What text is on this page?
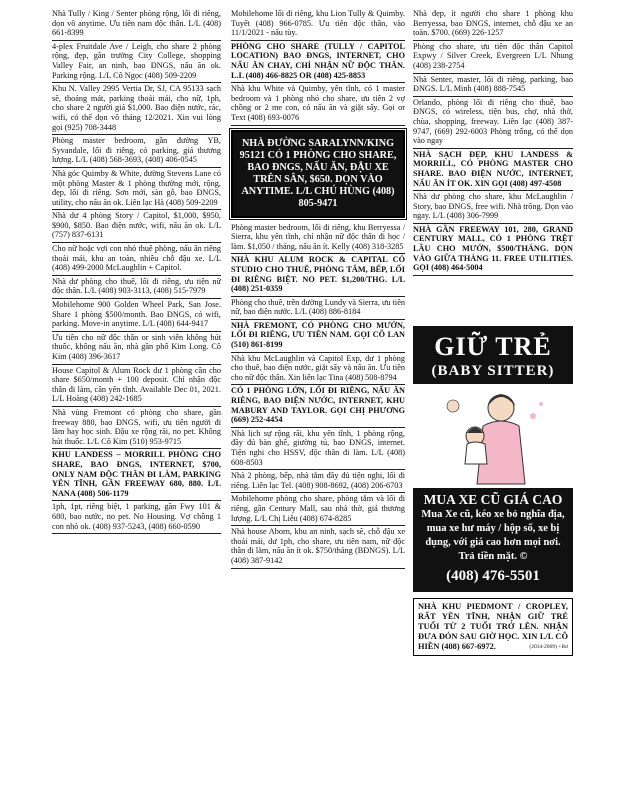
Nhà Tully / King / Senter phòng rộng, lối đi riêng, dọn vô anytime. Ưu tiên nam độc thân. L/L (408) 661-8399
4-plex Fruitdale Ave / Leigh, cho share 2 phòng rộng, đẹp, gần trường City College, shopping Valley Fair, an ninh, bao ĐNGS, nấu ăn ok. Parking rộng. L/L Cô Ngọc (408) 509-2209
Khu N. Valley 2995 Vertia Dr, SJ, CA 95133 sạch sẽ, thoáng mát, parking thoải mái, cho nữ, 1ph, cho share 2 người giá $1,000. Bao điện nước, rác, wifi, có thể dọn vô tháng 12/2021. Xin vui lòng gọi (925) 708-3448
Phòng master bedroom, gần đường YB, Syvandale, lối đi riêng, có parking, giá thương lượng. L/L (408) 568-3693, (408) 406-0545
Nhà góc Quimby & White, đường Stevens Lane có một phòng Master & 1 phòng thường mới, rộng, đẹp, lối đi riêng. Sơn mới, sàn gỗ, bao ĐNGS, utility, cho nấu ăn ok. Liên lạc Hà (408) 509-2209
Nhà dư 4 phòng Story / Capitol, $1,000, $950, $900, $850. Bao điện nước, wifi, nấu ăn ok. L/L (757) 837-6131
Cho nữ hoặc vợi con nhỏ thuê phòng, nấu ăn riêng thoải mái, khu an toàn, nhiều chỗ đậu xe. L/L (408) 499-2000 McLaughlin + Capitol.
Nhà dư phòng cho thuê, lối đi riêng, ưu tiên nữ độc thân. L/L (408) 903-3113, (408) 515-7979
Mobilehome 900 Golden Wheel Park, San Jose. Share 1 phòng $500/month. Bao ĐNGS, có wifi, parking. Move-in anytime. L/L (408) 644-9417
Ưu tiên cho nữ độc thân or sinh viên không hút thuốc, không nấu ăn, nhà gần phố Kim Long. Cô Kim (408) 396-3617
House Capitol & Alum Rock dư 1 phòng cần cho share $650/month + 100 deposit. Chỉ nhận độc thân đi làm, cần yên tĩnh. Available Dec 01, 2021. L/L Hoàng (408) 242-1685
Nhà vùng Fremont có phòng cho share, gần freeway 880, bao ĐNGS, wifi, ưu tiên người đi làm hay học sinh. Đậu xe rộng rãi, no pet. Không hút thuốc. L/L Cô Kim (510) 953-9715
KHU LANDESS – MORRILL PHÒNG CHO SHARE, BAO ĐNGS, INTERNET, $700, ONLY NAM ĐỘC THÂN ĐI LÀM, PARKING YÊN TĨNH, GẦN FREEWAY 680, 880. L/L NANA (408) 506-1179
1ph, 1pt, riêng biệt, 1 parking, gần Fwy 101 & 680, bao nước, no pet. No Housing. Vợ chồng 1 con nhỏ ok. (408) 937-5243, (408) 660-0590
Mobilehome lối đi riêng, khu Lion Tully & Quimby. Tuyết (408) 966-0785. Ưu tiên độc thân, vào 11/1/2021 - nấu tùy.
PHÒNG CHO SHARE (TULLY / CAPITOL LOCATION) BAO ĐNGS, INTERNET, CHO NẤU ĂN CHAY, CHỈ NHẬN NỮ ĐỘC THÂN. L.L (408) 466-8825 OR (408) 425-8853
Nhà khu White và Quimby, yên tĩnh, có 1 master bedroom và 1 phòng nhỏ cho share, ưu tiên 2 vợ chồng or 2 me con, có nấu ăn và giặt sấy. Gọi or Text (408) 693-0076
NHÀ ĐƯỜNG SARALYNN/KING 95121 CÓ 1 PHÒNG CHO SHARE, BAO ĐNGS, NẤU ĂN, ĐẬU XE TRÊN SÂN, $650. DỌN VÀO ANYTIME. L/L CHÚ HÙNG (408) 805-9471
Phòng master bedroom, lối đi riêng, khu Berryessa / Sierra, khu yên tĩnh, chỉ nhận nữ độc thân đi học / làm. $1,050 / tháng, nấu ăn ít. Kelly (408) 318-3285
NHÀ KHU ALUM ROCK & CAPITAL CÓ STUDIO CHO THUÊ, PHÒNG TẮM, BẾP, LỐI ĐI RIÊNG BIỆT. NO PET. $1,200/THG. L/L (408) 251-0359
Phòng cho thuê, trên đường Lundy và Sierra, ưu tiên nữ, bao điện nước. L/L (408) 886-8184
NHÀ FREMONT, CÓ PHÒNG CHO MƯỚN, LỐI ĐI RIÊNG, ƯU TIÊN NAM. GỌI CÔ LAN (510) 861-8199
Nhà khu McLaughlin và Capitol Exp, dư 1 phòng cho thuê, bao điện nước, giặt sấy và nấu ăn. Ưu tiên cho nữ độc thân. Xin liên lạc Tina (408) 508-8794
CÓ 1 PHÒNG LỚN, LỐI ĐI RIÊNG, NẤU ĂN RIÊNG, BAO ĐIỆN NƯỚC, INTERNET, KHU MABURY AND TAYLOR. GỌI CHỊ PHƯƠNG (669) 252-4454
Nhà lịch sự rộng rãi, khu yên tĩnh, 1 phòng rộng, đầy đủ bàn ghế, giường tủ, bao ĐNGS, internet. Tiện nghi cho HSSV, độc thân đi làm. L/L (408) 608-8503
Nhà 2 phòng, bếp, nhà tắm đầy đủ tiện nghi, lối đi riêng. Liên lạc Tel. (408) 908-8692, (408) 206-6703
Mobilehome phòng cho share, phòng tắm và lối đi riêng, gần Century Mall, sau nhà thờ, giá thương lượng. L/L Chị Liễu (408) 674-8285
Nhà house Aborn, khu an ninh, sạch sẽ, chỗ đậu xe thoải mái, dư 1ph, cho share, ưu tiên nam, nữ độc thân đi làm, nấu ăn ít ok. $750/tháng (BĐNGS). L/L (408) 387-9142
Nhà đẹp, ít người cho share 1 phòng khu Berryessa, bao ĐNGS, internet, chỗ đậu xe an toàn. $700. (669) 226-1257
Phòng cho share, ưu tiên độc thân Capitol Expwy / Silver Creek, Evergreen L/L Nhung (408) 238-2754
Nhà Senter, master, lối đi riêng, parking, bao ĐNGS. L/L Minh (408) 888-7545
Orlando, phòng lối đi riêng cho thuê, bao ĐNGS, có wireless, tiện bus, chợ, nhà thờ, chùa, shopping, freeway. Liên lạc (408) 387-9747, (669) 292-6003 Phòng trống, có thể dọn vào ngay
NHÀ SẠCH ĐẸP, KHU LANDESS & MORRILL, CÓ PHÒNG MASTER CHO SHARE. BAO ĐIỆN NƯỚC, INTERNET, NẤU ĂN ÍT OK. XIN GỌI (408) 497-4508
Nhà dư phòng cho share, khu McLaughlin / Story, bao ĐNGS, free wifi. Nhà trống. Dọn vào ngay. L/L (408) 306-7999
NHÀ GẦN FREEWAY 101, 280, GRAND CENTURY MALL, CÓ 1 PHÒNG TRỆT LẦU CHO MƯỚN, $500/THÁNG. DỌN VÀO GIỮA THÁNG 11. FREE UTILITIES. GỌI (408) 464-5004
GIỮ TRẺ
(BABY SITTER)
MUA XE CŨ GIÁ CAO
Mua Xe cũ, kéo xe bỏ nghĩa địa, mua xe hư máy / hộp số, xe bị đụng, với giá cao hơn mọi nơi. Trả tiền mặt. ©
(408) 476-5501
NHÀ KHU PIEDMONT / CROPLEY, RẤT YÊN TĨNH, NHẬN GIỮ TRẺ TUỔI TỪ 2 TUỔI TRỞ LÊN. NHẬN ĐƯA ĐÓN SAU GIỜ HỌC. XIN L/L CÔ HIỀN (408) 667-6972.	(2034-2069) +Bư
